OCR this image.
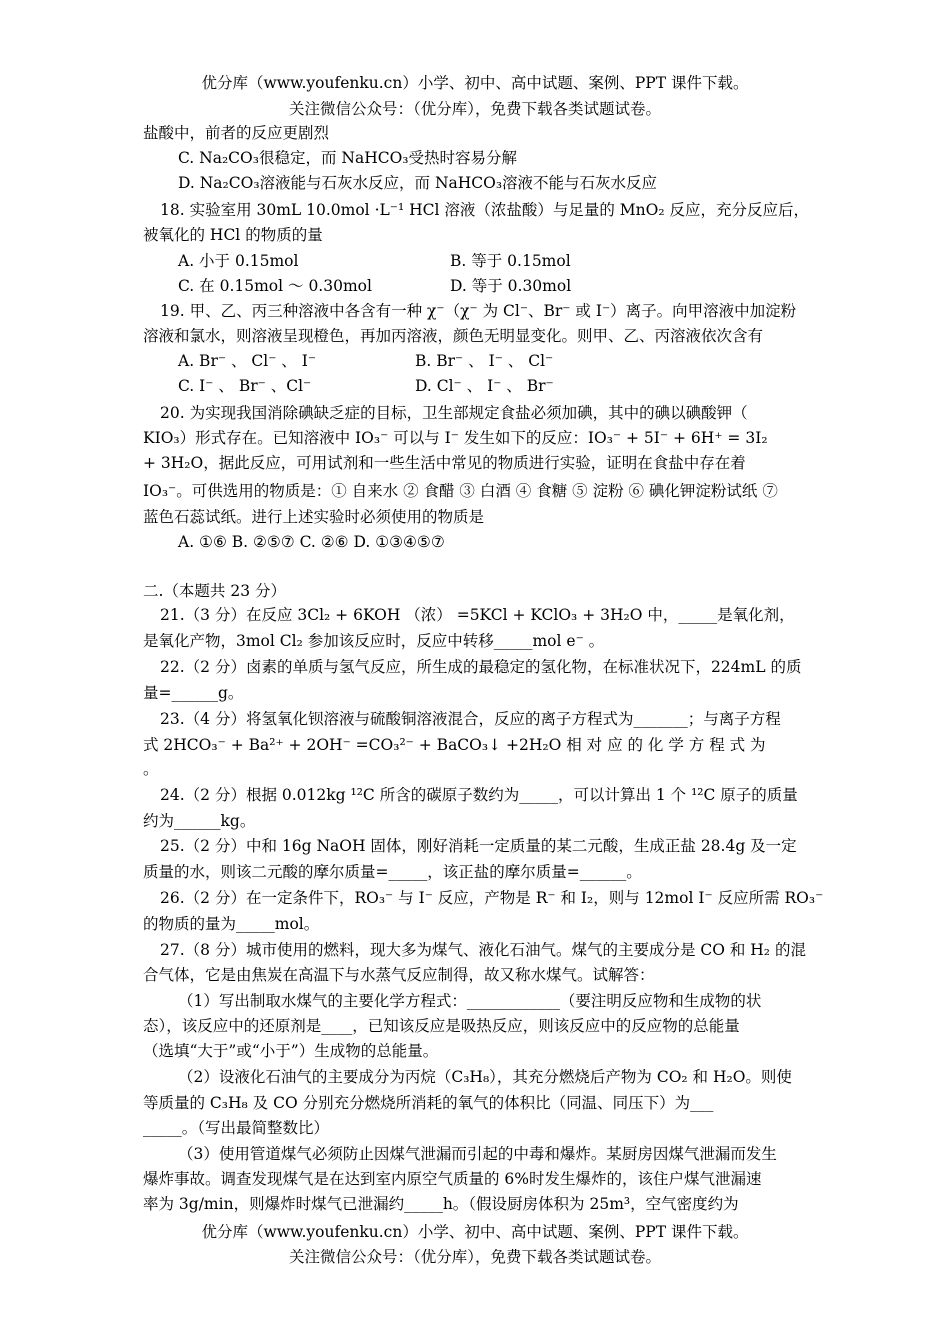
优分库（www.youfenku.cn）小学、初中、高中试题、案例、PPT 课件下载。
关注微信公众号：（优分库），免费下载各类试题试卷。
盐酸中，前者的反应更剧烈
C. Na₂CO₃很稳定，而 NaHCO₃受热时容易分解
D. Na₂CO₃溶液能与石灰水反应，而 NaHCO₃溶液不能与石灰水反应
18. 实验室用 30mL 10.0mol ·L⁻¹ HCl 溶液（浓盐酸）与足量的 MnO₂ 反应，充分反应后，
被氧化的 HCl 的物质的量
A. 小于 0.15mol	B. 等于 0.15mol
C. 在 0.15mol ～ 0.30mol	D. 等于 0.30mol
19. 甲、乙、丙三种溶液中各含有一种 χ⁻（χ⁻ 为 Cl⁻、Br⁻ 或 I⁻）离子。向甲溶液中加淀粉
溶液和氯水，则溶液呈现橙色，再加丙溶液，颜色无明显变化。则甲、乙、丙溶液依次含有
A. Br⁻ 、 Cl⁻ 、 I⁻	B. Br⁻ 、 I⁻ 、 Cl⁻
C. I⁻ 、 Br⁻ 、Cl⁻	D. Cl⁻ 、 I⁻ 、 Br⁻
20. 为实现我国消除碘缺乏症的目标，卫生部规定食盐必须加碘，其中的碘以碘酸钾（
KIO₃）形式存在。已知溶液中 IO₃⁻ 可以与 I⁻ 发生如下的反应：IO₃⁻ + 5I⁻ + 6H⁺ = 3I₂
+ 3H₂O，据此反应，可用试剂和一些生活中常见的物质进行实验，证明在食盐中存在着
IO₃⁻。可供选用的物质是：① 自来水 ② 食醋 ③ 白酒 ④ 食糖 ⑤ 淀粉 ⑥ 碘化钾淀粉试纸 ⑦
蓝色石蕊试纸。进行上述实验时必须使用的物质是
A. ①⑥ B. ②⑤⑦ C. ②⑥ D. ①③④⑤⑦
二.（本题共 23 分）
21.（3 分）在反应 3Cl₂ + 6KOH （浓） =5KCl + KClO₃ + 3H₂O 中，_____是氧化剂，
是氧化产物，3mol Cl₂ 参加该反应时，反应中转移_____mol e⁻ 。
22.（2 分）卤素的单质与氢气反应，所生成的最稳定的氢化物，在标准状况下，224mL 的质
量=______g。
23.（4 分）将氢氧化钡溶液与硫酸铜溶液混合，反应的离子方程式为_______；与离子方程
式 2HCO₃⁻ + Ba²⁺ + 2OH⁻ =CO₃²⁻ + BaCO₃↓ +2H₂O 相 对 应 的 化 学 方 程 式 为
。
24.（2 分）根据 0.012kg ¹²C 所含的碳原子数约为_____，可以计算出 1 个 ¹²C 原子的质量
约为______kg。
25.（2 分）中和 16g NaOH 固体，刚好消耗一定质量的某二元酸，生成正盐 28.4g 及一定
质量的水，则该二元酸的摩尔质量=_____，该正盐的摩尔质量=______。
26.（2 分）在一定条件下，RO₃⁻ 与 I⁻ 反应，产物是 R⁻ 和 I₂，则与 12mol I⁻ 反应所需 RO₃⁻
的物质的量为_____mol。
27.（8 分）城市使用的燃料，现大多为煤气、液化石油气。煤气的主要成分是 CO 和 H₂ 的混
合气体，它是由焦炭在高温下与水蒸气反应制得，故又称水煤气。试解答：
（1）写出制取水煤气的主要化学方程式：____________（要注明反应物和生成物的状
态），该反应中的还原剂是____，已知该反应是吸热反应，则该反应中的反应物的总能量
（选填“大于”或“小于”）生成物的总能量。
（2）设液化石油气的主要成分为丙烷（C₃H₈），其充分燃烧后产物为 CO₂ 和 H₂O。则使
等质量的 C₃H₈ 及 CO 分别充分燃烧所消耗的氧气的体积比（同温、同压下）为___
_____。（写出最简整数比）
（3）使用管道煤气必须防止因煤气泄漏而引起的中毒和爆炸。某厨房因煤气泄漏而发生
爆炸事故。调查发现煤气是在达到室内原空气质量的 6%时发生爆炸的，该住户煤气泄漏速
率为 3g/min，则爆炸时煤气已泄漏约_____h。（假设厨房体积为 25m³，空气密度约为
优分库（www.youfenku.cn）小学、初中、高中试题、案例、PPT 课件下载。
关注微信公众号：（优分库），免费下载各类试题试卷。
